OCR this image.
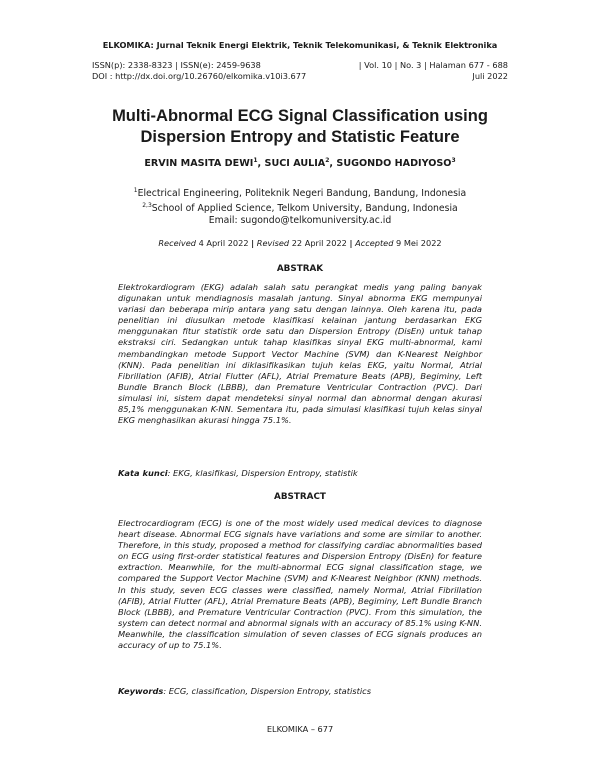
ELKOMIKA: Jurnal Teknik Energi Elektrik, Teknik Telekomunikasi, & Teknik Elektronika
ISSN(p): 2338-8323 | ISSN(e): 2459-9638
DOI : http://dx.doi.org/10.26760/elkomika.v10i3.677
| Vol. 10 | No. 3 | Halaman 677 - 688
Juli 2022
Multi-Abnormal ECG Signal Classification using
Dispersion Entropy and Statistic Feature
ERVIN MASITA DEWI$^1$, SUCI AULIA$^2$, SUGONDO HADIYOSO$^3$
$^1$Electrical Engineering, Politeknik Negeri Bandung, Bandung, Indonesia
$^{2,3}$School of Applied Science, Telkom University, Bandung, Indonesia
Email: sugondo@telkomuniversity.ac.id
Received 4 April 2022 | Revised 22 April 2022 | Accepted 9 Mei 2022
ABSTRAK

Elektrokardiogram (EKG) adalah salah satu perangkat medis yang paling banyak digunakan untuk mendiagnosis masalah jantung. Sinyal abnorma EKG mempunyai variasi dan beberapa mirip antara yang satu dengan lainnya. Oleh karena itu, pada penelitian ini diusulkan metode klasifikasi kelainan jantung berdasarkan EKG menggunakan fitur statistik orde satu dan Dispersion Entropy (DisEn) untuk tahap ekstraksi ciri. Sedangkan untuk tahap klasifikas sinyal EKG multi-abnormal, kami membandingkan metode Support Vector Machine (SVM) dan K-Nearest Neighbor (KNN). Pada penelitian ini diklasifikasikan tujuh kelas EKG, yaitu Normal, Atrial Fibrillation (AFIB), Atrial Flutter (AFL), Atrial Premature Beats (APB), Begiminy, Left Bundle Branch Block (LBBB), dan Premature Ventricular Contraction (PVC). Dari simulasi ini, sistem dapat mendeteksi sinyal normal dan abnormal dengan akurasi 85,1% menggunakan K-NN. Sementara itu, pada simulasi klasifikasi tujuh kelas sinyal EKG menghasilkan akurasi hingga 75.1%.

Kata kunci: EKG, klasifikasi, Dispersion Entropy, statistik
ABSTRACT

Electrocardiogram (ECG) is one of the most widely used medical devices to diagnose heart disease. Abnormal ECG signals have variations and some are similar to another. Therefore, in this study, proposed a method for classifying cardiac abnormalities based on ECG using first-order statistical features and Dispersion Entropy (DisEn) for feature extraction. Meanwhile, for the multi-abnormal ECG signal classification stage, we compared the Support Vector Machine (SVM) and K-Nearest Neighbor (KNN) methods. In this study, seven ECG classes were classified, namely Normal, Atrial Fibrillation (AFIB), Atrial Flutter (AFL), Atrial Premature Beats (APB), Begiminy, Left Bundle Branch Block (LBBB), and Premature Ventricular Contraction (PVC). From this simulation, the system can detect normal and abnormal signals with an accuracy of 85.1% using K-NN. Meanwhile, the classification simulation of seven classes of ECG signals produces an accuracy of up to 75.1%.

Keywords: ECG, classification, Dispersion Entropy, statistics
ELKOMIKA – 677
